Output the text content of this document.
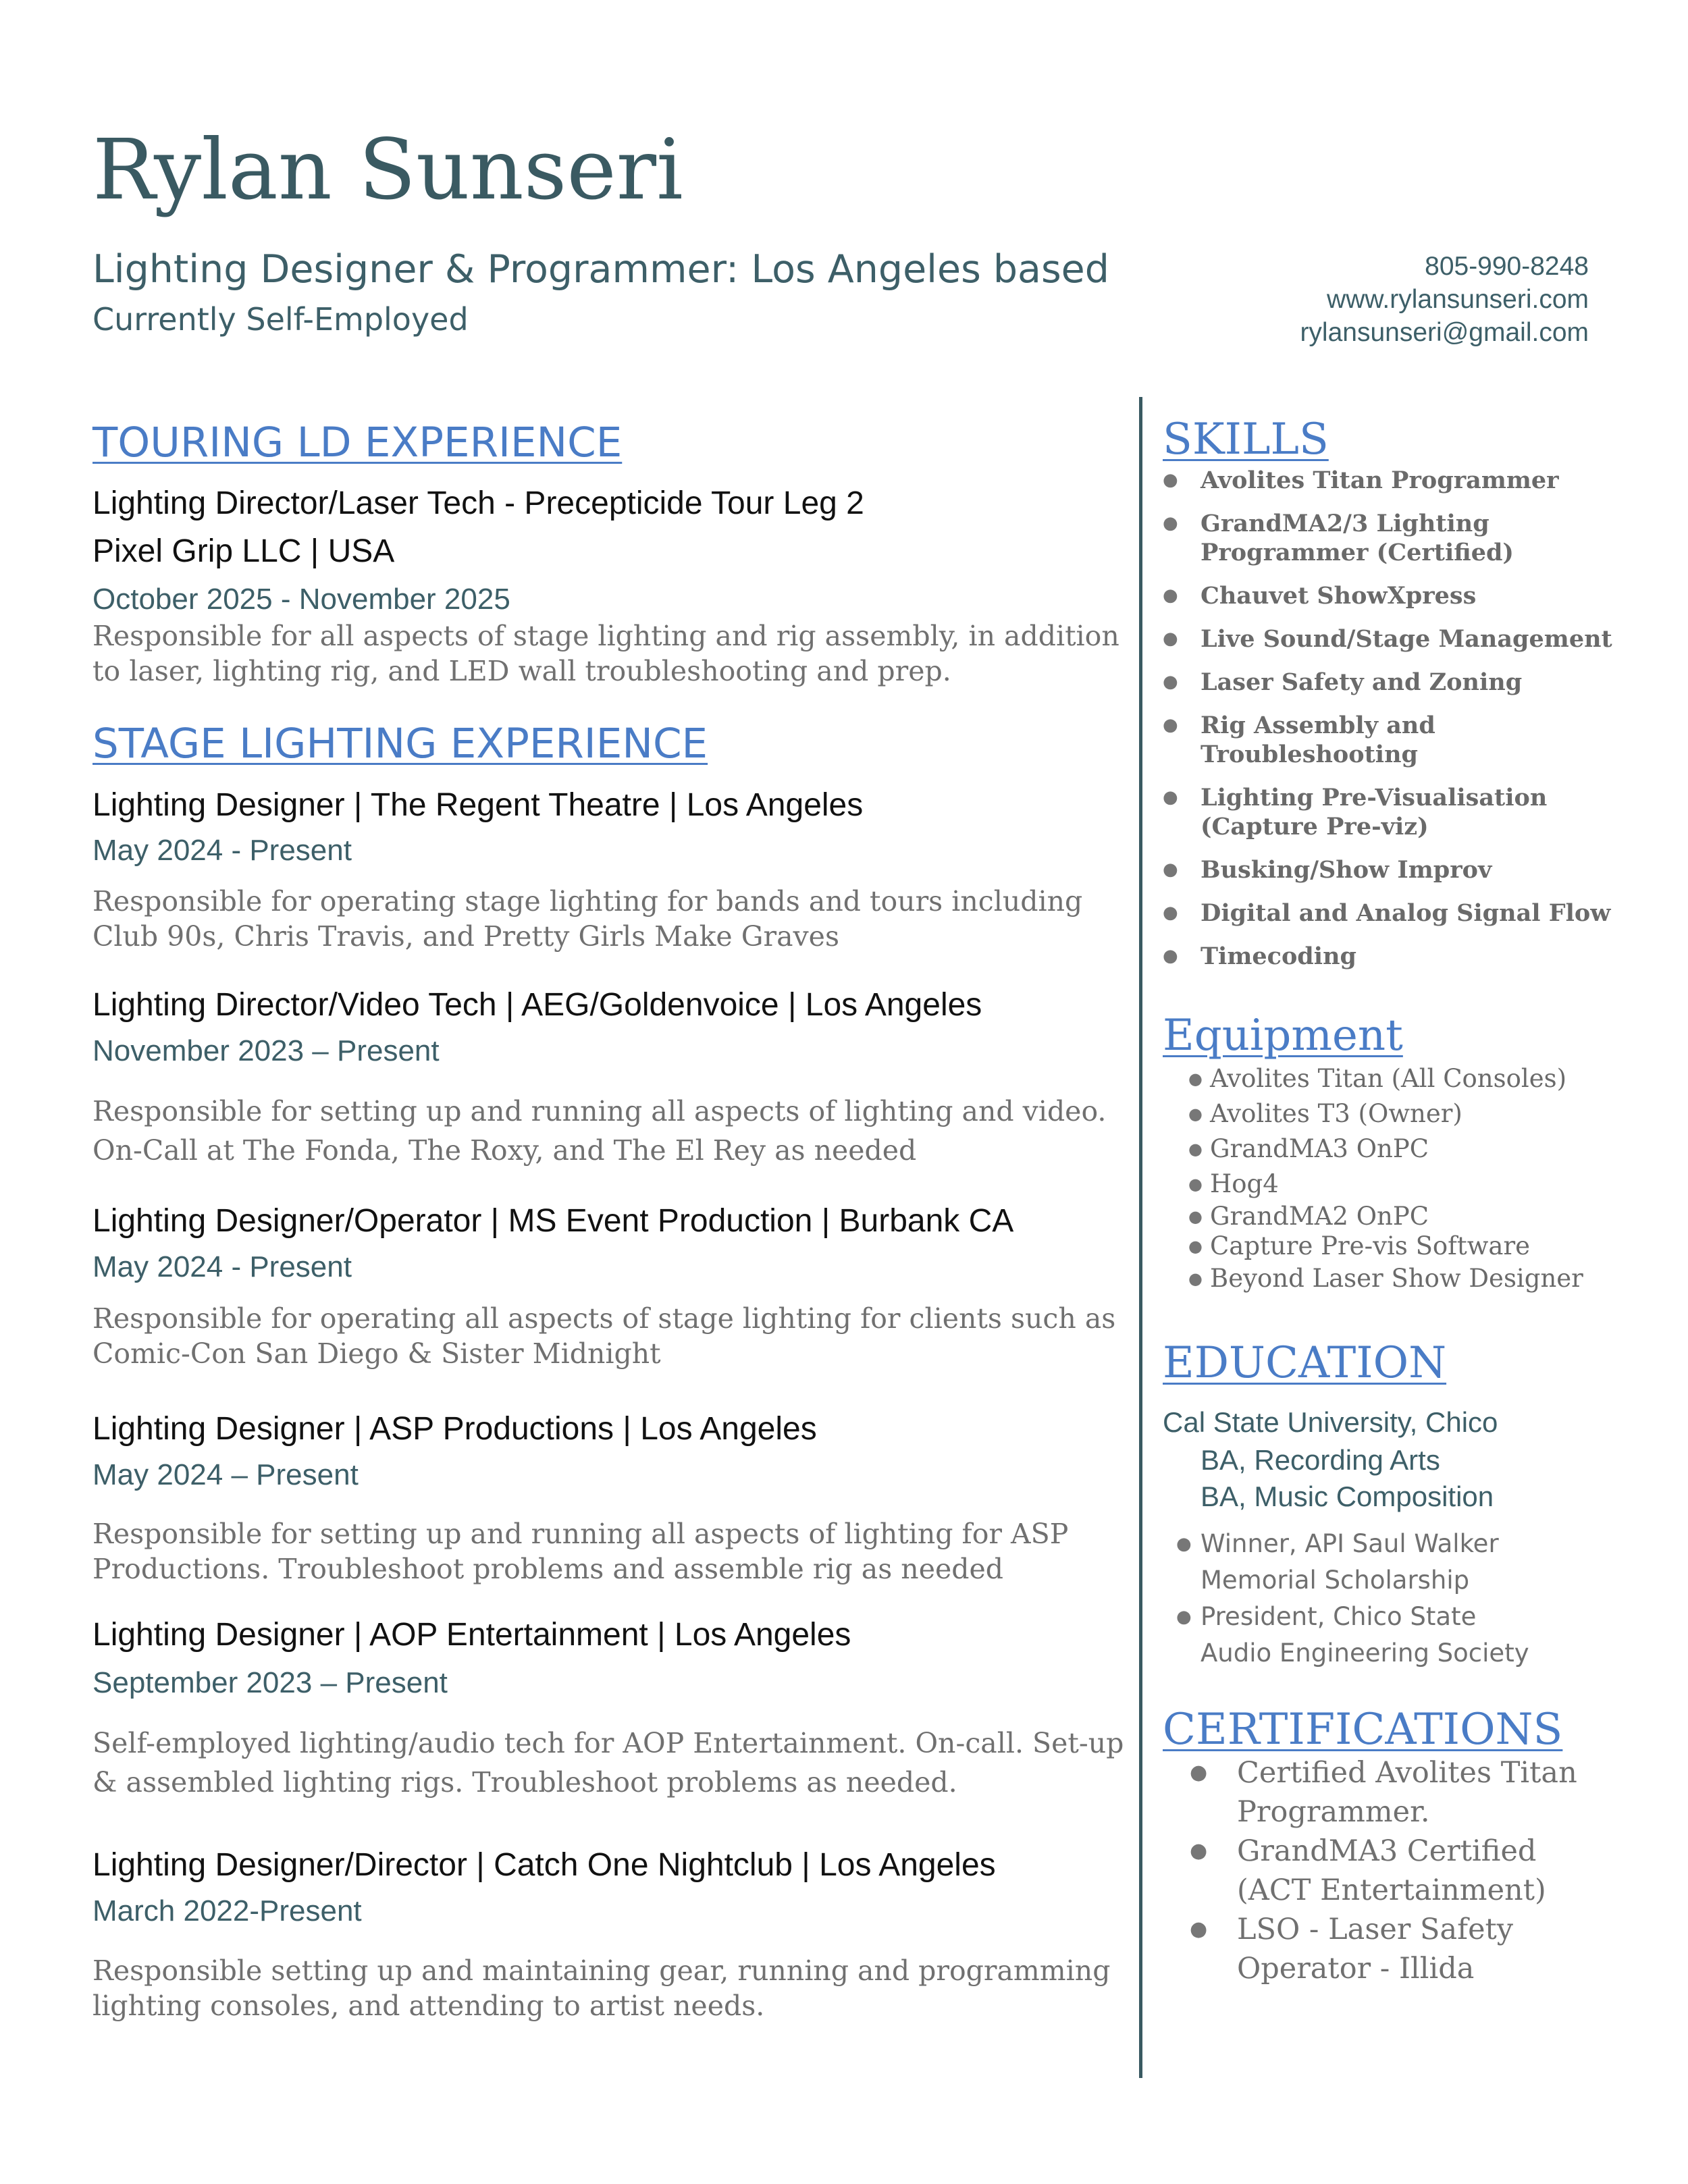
Rylan Sunseri
Lighting Designer & Programmer: Los Angeles based
Currently Self-Employed
805-990-8248
www.rylansunseri.com
rylansunseri@gmail.com
TOURING LD EXPERIENCE
Lighting Director/Laser Tech - Precepticide Tour Leg 2
Pixel Grip LLC | USA
October 2025 - November 2025
Responsible for all aspects of stage lighting and rig assembly, in addition to laser, lighting rig, and LED wall troubleshooting and prep.
STAGE LIGHTING EXPERIENCE
Lighting Designer | The Regent Theatre | Los Angeles
May 2024 - Present
Responsible for operating stage lighting for bands and tours including Club 90s, Chris Travis, and Pretty Girls Make Graves
Lighting Director/Video Tech | AEG/Goldenvoice | Los Angeles
November 2023 – Present
Responsible for setting up and running all aspects of lighting and video. On-Call at The Fonda, The Roxy, and The El Rey as needed
Lighting Designer/Operator | MS Event Production | Burbank CA
May 2024 - Present
Responsible for operating all aspects of stage lighting for clients such as Comic-Con San Diego & Sister Midnight
Lighting Designer | ASP Productions | Los Angeles
May 2024 – Present
Responsible for setting up and running all aspects of lighting for ASP Productions. Troubleshoot problems and assemble rig as needed
Lighting Designer | AOP Entertainment | Los Angeles
September 2023 – Present
Self-employed lighting/audio tech for AOP Entertainment. On-call. Set-up & assembled lighting rigs. Troubleshoot problems as needed.
Lighting Designer/Director | Catch One Nightclub | Los Angeles
March 2022-Present
Responsible setting up and maintaining gear, running and programming lighting consoles, and attending to artist needs.
SKILLS
● Avolites Titan Programmer
● GrandMA2/3 Lighting Programmer (Certified)
● Chauvet ShowXpress
● Live Sound/Stage Management
● Laser Safety and Zoning
● Rig Assembly and Troubleshooting
● Lighting Pre-Visualisation (Capture Pre-viz)
● Busking/Show Improv
● Digital and Analog Signal Flow
● Timecoding
Equipment
● Avolites Titan (All Consoles)
● Avolites T3 (Owner)
● GrandMA3 OnPC
● Hog4
● GrandMA2 OnPC
● Capture Pre-vis Software
● Beyond Laser Show Designer
EDUCATION
Cal State University, Chico
BA, Recording Arts
BA, Music Composition
● Winner, API Saul Walker Memorial Scholarship
● President, Chico State Audio Engineering Society
CERTIFICATIONS
● Certified Avolites Titan Programmer.
● GrandMA3 Certified (ACT Entertainment)
● LSO - Laser Safety Operator - Illida
